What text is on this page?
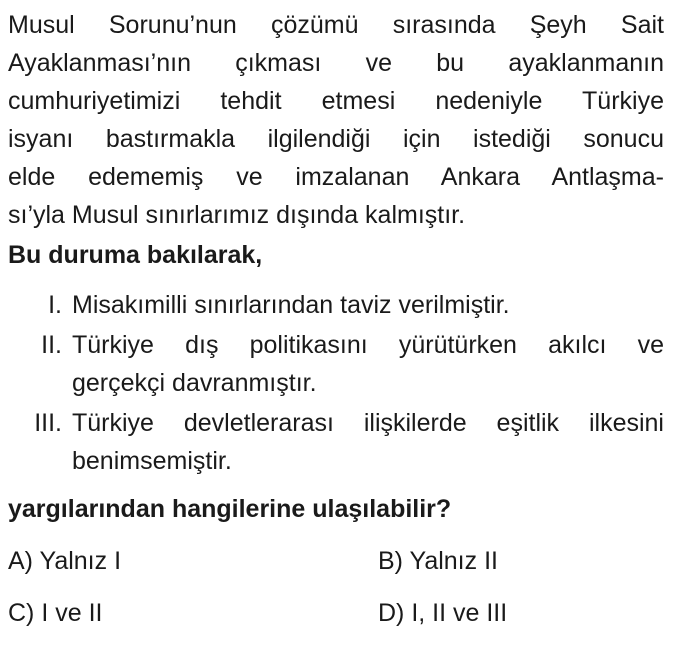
Musul Sorunu’nun çözümü sırasında Şeyh Sait
Ayaklanması’nın çıkması ve bu ayaklanmanın
cumhuriyetimizi tehdit etmesi nedeniyle Türkiye
isyanı bastırmakla ilgilendiği için istediği sonucu
elde edememiş ve imzalanan Ankara Antlaşma-
sı’yla Musul sınırlarımız dışında kalmıştır.
Bu duruma bakılarak,
I. Misakımilli sınırlarından taviz verilmiştir.
II. Türkiye dış politikasını yürütürken akılcı ve
gerçekçi davranmıştır.
III. Türkiye devletlerarası ilişkilerde eşitlik ilkesini
benimsemiştir.
yargılarından hangilerine ulaşılabilir?
A) Yalnız I	B) Yalnız II
C) I ve II	D) I, II ve III
